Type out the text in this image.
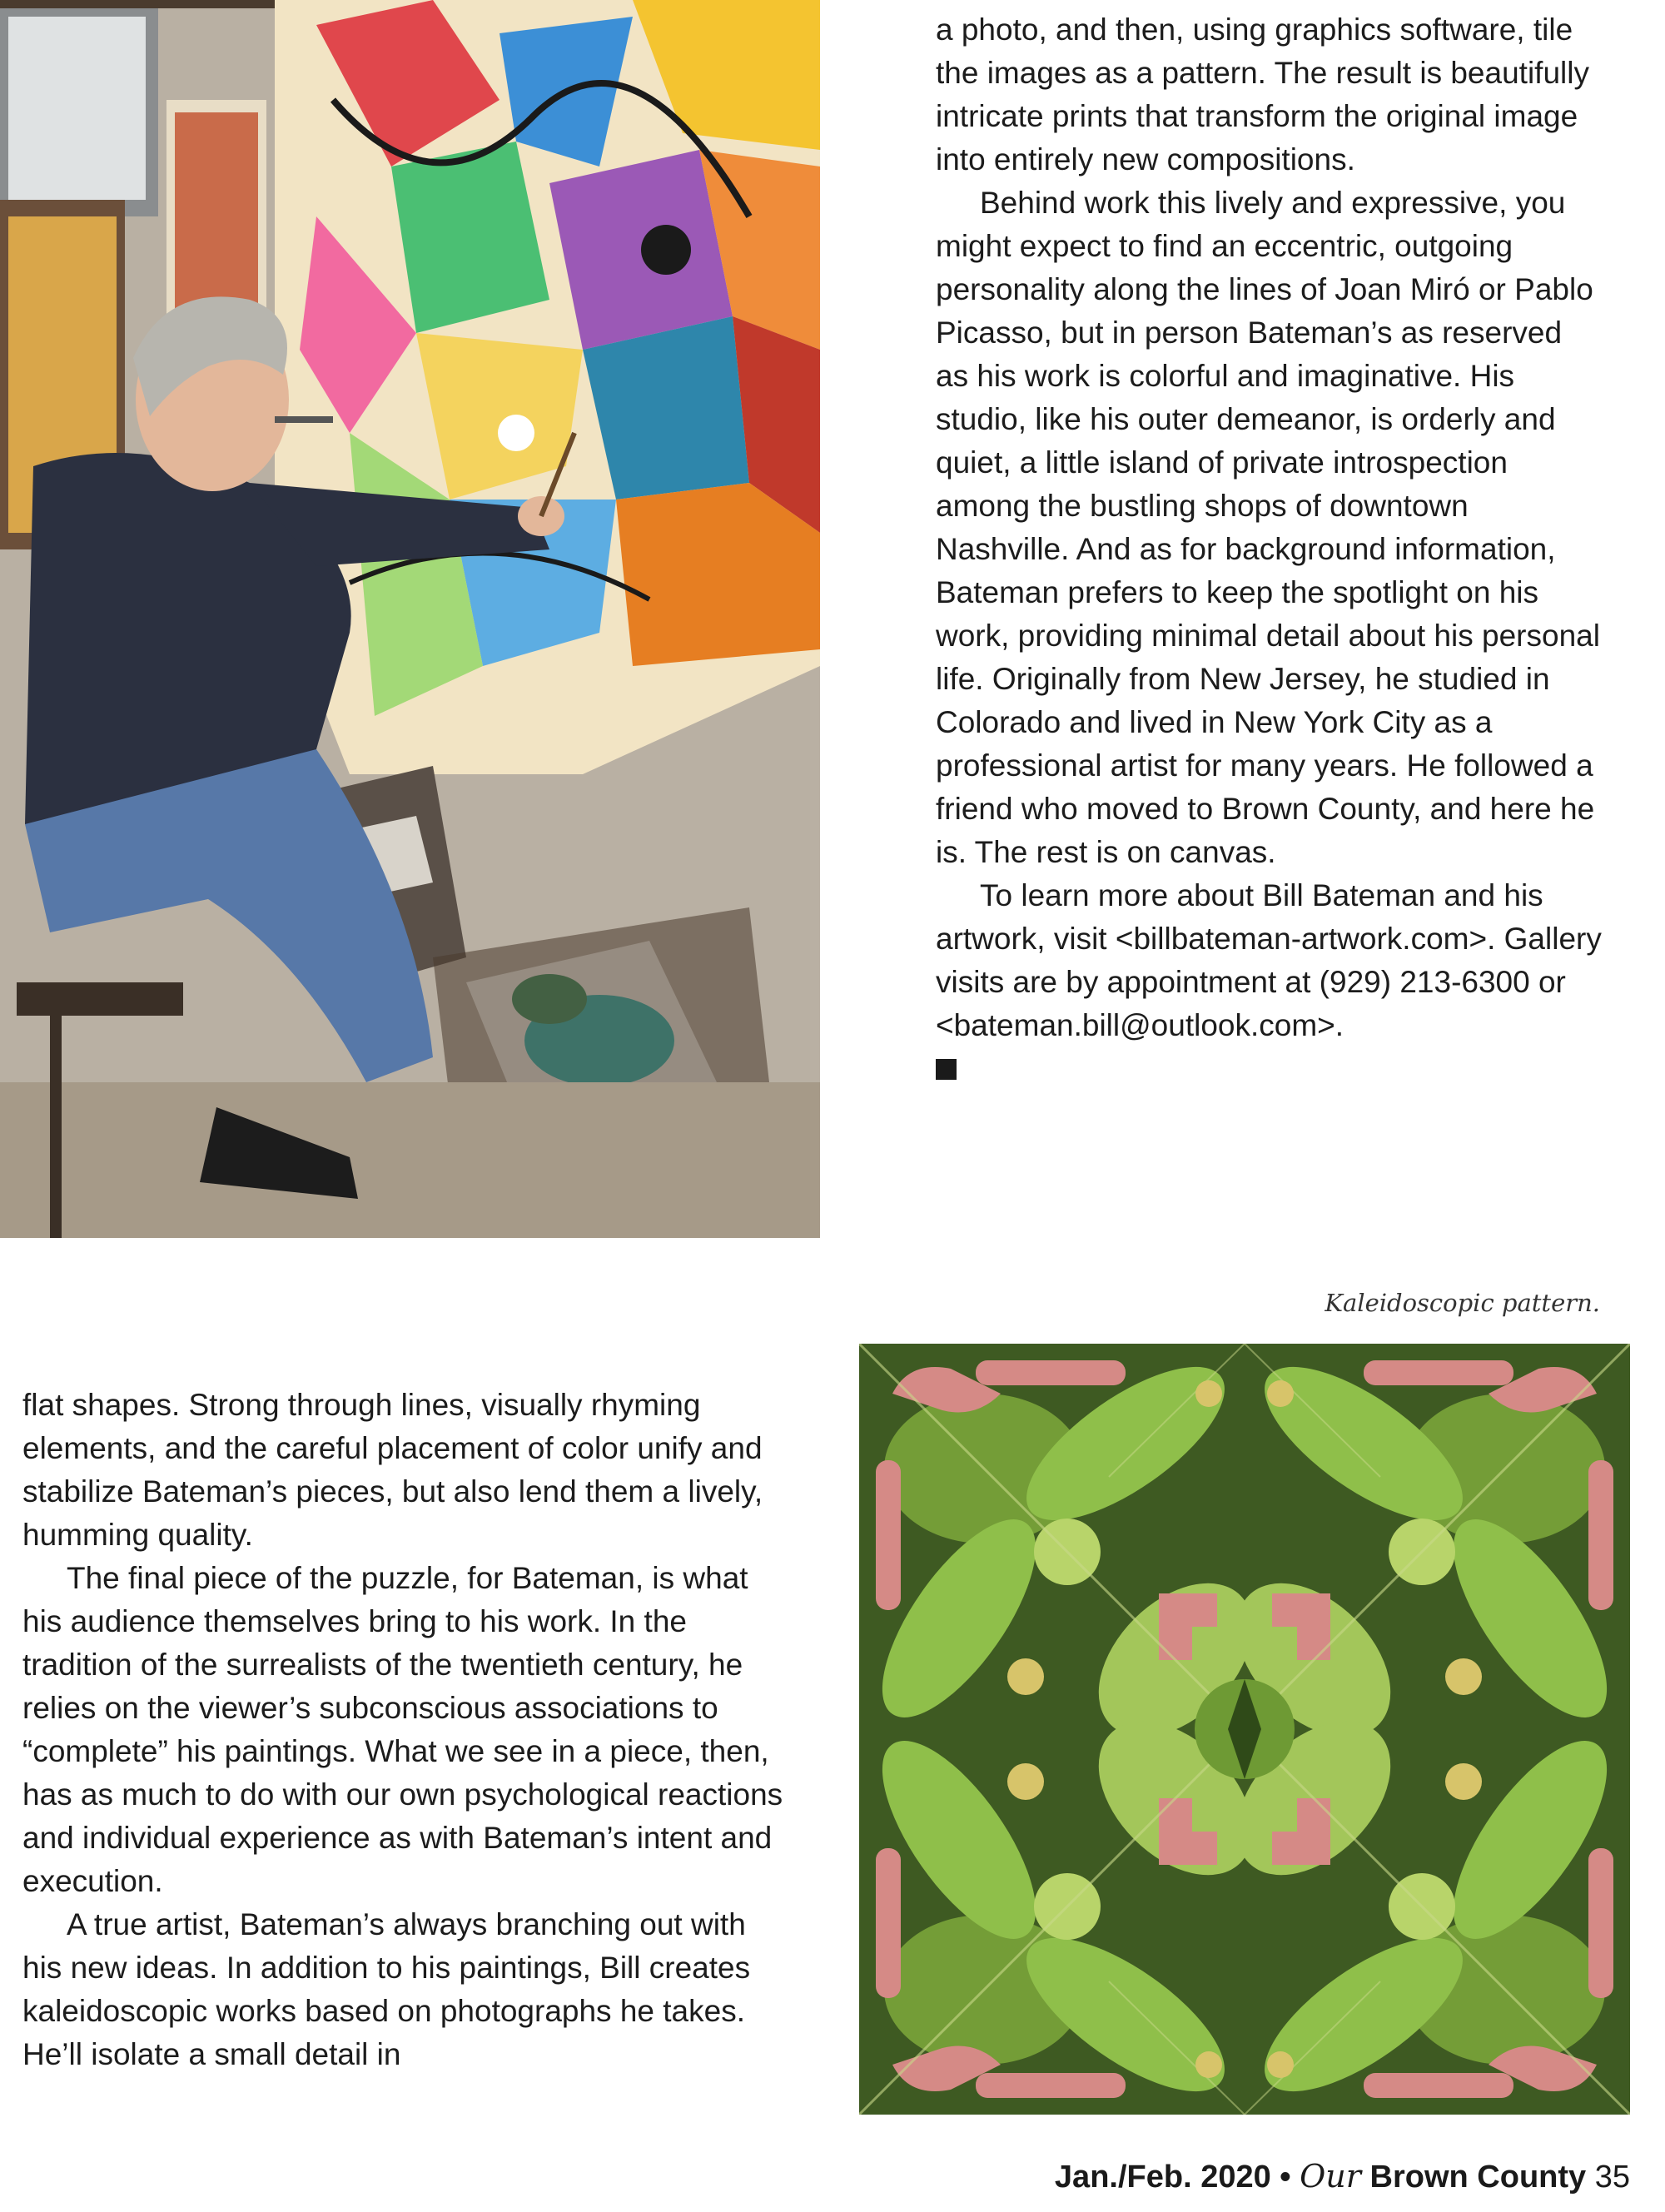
a photo, and then, using graphics software, tile the images as a pattern. The result is beautifully intricate prints that transform the original image into entirely new compositions.

Behind work this lively and expressive, you might expect to find an eccentric, outgoing personality along the lines of Joan Miró or Pablo Picasso, but in person Bateman’s as reserved as his work is colorful and imaginative. His studio, like his outer demeanor, is orderly and quiet, a little island of private introspection among the bustling shops of downtown Nashville. And as for background information, Bateman prefers to keep the spotlight on his work, providing minimal detail about his personal life. Originally from New Jersey, he studied in Colorado and lived in New York City as a professional artist for many years. He followed a friend who moved to Brown County, and here he is. The rest is on canvas.

To learn more about Bill Bateman and his artwork, visit <billbateman-artwork.com>. Gallery visits are by appointment at (929) 213-6300 or <bateman.bill@outlook.com>.

Kaleidoscopic pattern.

flat shapes. Strong through lines, visually rhyming elements, and the careful placement of color unify and stabilize Bateman’s pieces, but also lend them a lively, humming quality.

The final piece of the puzzle, for Bateman, is what his audience themselves bring to his work. In the tradition of the surrealists of the twentieth century, he relies on the viewer’s subconscious associations to “complete” his paintings. What we see in a piece, then, has as much to do with our own psychological reactions and individual experience as with Bateman’s intent and execution.

A true artist, Bateman’s always branching out with his new ideas. In addition to his paintings, Bill creates kaleidoscopic works based on photographs he takes. He’ll isolate a small detail in

Jan./Feb. 2020 • Our Brown County 35
